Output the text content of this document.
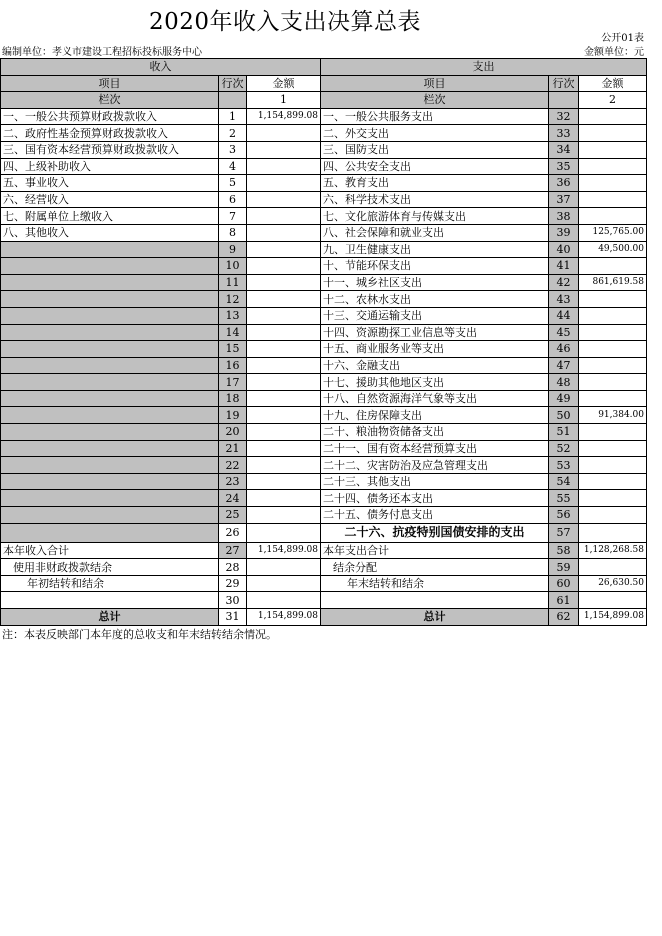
2020年收入支出决算总表
公开01表
编制单位：孝义市建设工程招标投标服务中心	金额单位：元
收入			支出		
项目	行次	金额	项目	行次	金额
栏次		1	栏次		2
一、一般公共预算财政拨款收入	1	1,154,899.08	一、一般公共服务支出	32	
二、政府性基金预算财政拨款收入	2		二、外交支出	33	
三、国有资本经营预算财政拨款收入	3		三、国防支出	34	
四、上级补助收入	4		四、公共安全支出	35	
五、事业收入	5		五、教育支出	36	
六、经营收入	6		六、科学技术支出	37	
七、附属单位上缴收入	7		七、文化旅游体育与传媒支出	38	
八、其他收入	8		八、社会保障和就业支出	39	125,765.00
	9		九、卫生健康支出	40	49,500.00
	10		十、节能环保支出	41	
	11		十一、城乡社区支出	42	861,619.58
	12		十二、农林水支出	43	
	13		十三、交通运输支出	44	
	14		十四、资源勘探工业信息等支出	45	
	15		十五、商业服务业等支出	46	
	16		十六、金融支出	47	
	17		十七、援助其他地区支出	48	
	18		十八、自然资源海洋气象等支出	49	
	19		十九、住房保障支出	50	91,384.00
	20		二十、粮油物资储备支出	51	
	21		二十一、国有资本经营预算支出	52	
	22		二十二、灾害防治及应急管理支出	53	
	23		二十三、其他支出	54	
	24		二十四、债务还本支出	55	
	25		二十五、债务付息支出	56	
	26		二十六、抗疫特别国债安排的支出	57	
本年收入合计	27	1,154,899.08	本年支出合计	58	1,128,268.58
使用非财政拨款结余	28		结余分配	59	
年初结转和结余	29		年末结转和结余	60	26,630.50
	30			61	
总计	31	1,154,899.08	总计	62	1,154,899.08
注：本表反映部门本年度的总收支和年末结转结余情况。
